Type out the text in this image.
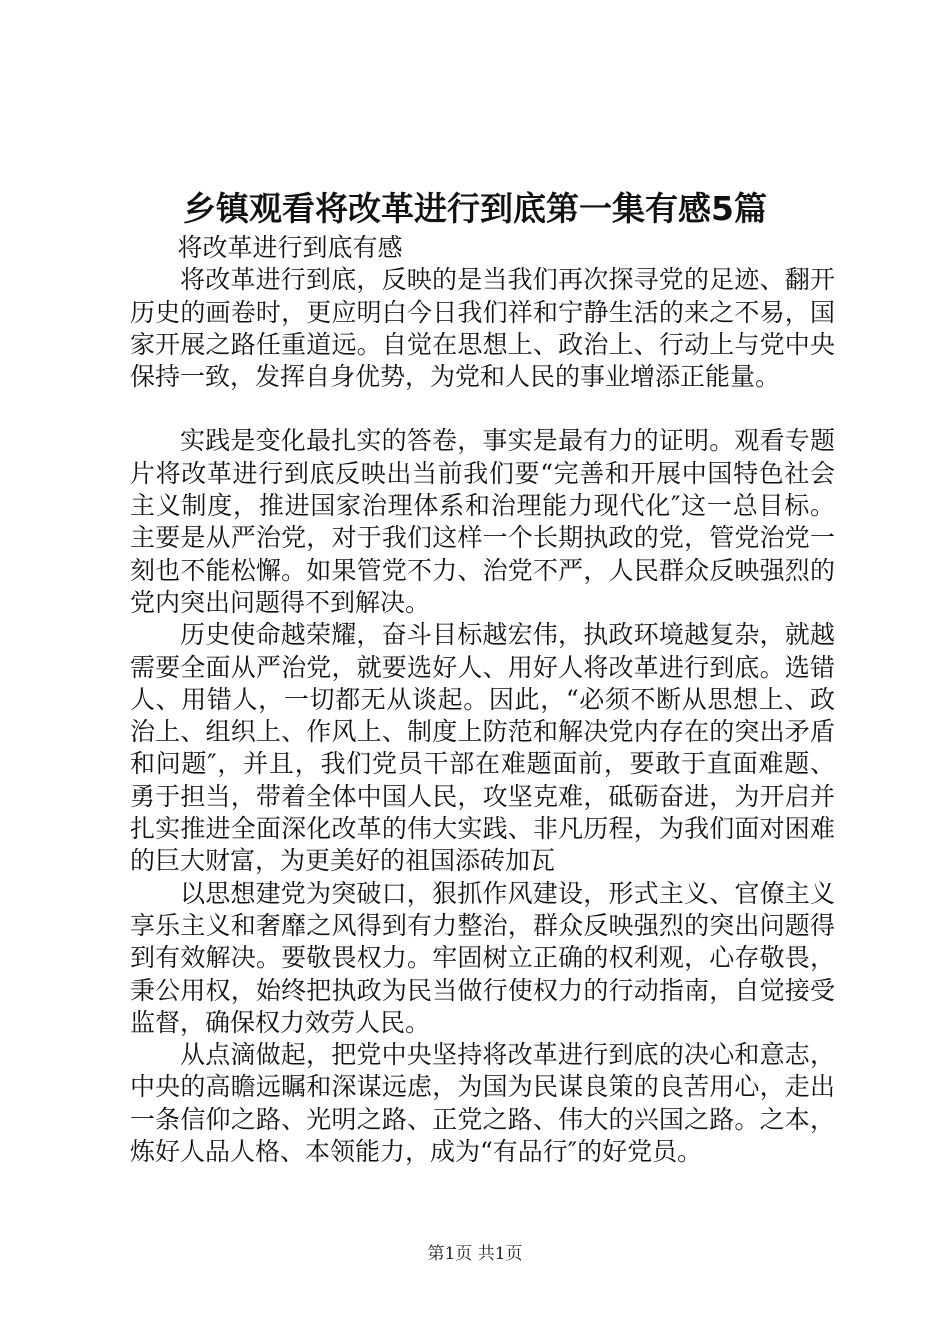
乡镇观看将改革进行到底第一集有感5篇

将改革进行到底有感

将改革进行到底，反映的是当我们再次探寻党的足迹、翻开历史的画卷时，更应明白今日我们祥和宁静生活的来之不易，国家开展之路任重道远。自觉在思想上、政治上、行动上与党中央保持一致，发挥自身优势，为党和人民的事业增添正能量。

实践是变化最扎实的答卷，事实是最有力的证明。观看专题片将改革进行到底反映出当前我们要“完善和开展中国特色社会主义制度，推进国家治理体系和治理能力现代化″这一总目标。主要是从严治党，对于我们这样一个长期执政的党，管党治党一刻也不能松懈。如果管党不力、治党不严，人民群众反映强烈的党内突出问题得不到解决。

历史使命越荣耀，奋斗目标越宏伟，执政环境越复杂，就越需要全面从严治党，就要选好人、用好人将改革进行到底。选错人、用错人，一切都无从谈起。因此，“必须不断从思想上、政治上、组织上、作风上、制度上防范和解决党内存在的突出矛盾和问题″，并且，我们党员干部在难题面前，要敢于直面难题、勇于担当，带着全体中国人民，攻坚克难，砥砺奋进，为开启并扎实推进全面深化改革的伟大实践、非凡历程，为我们面对困难的巨大财富，为更美好的祖国添砖加瓦

以思想建党为突破口，狠抓作风建设，形式主义、官僚主义享乐主义和奢靡之风得到有力整治，群众反映强烈的突出问题得到有效解决。要敬畏权力。牢固树立正确的权利观，心存敬畏，秉公用权，始终把执政为民当做行使权力的行动指南，自觉接受监督，确保权力效劳人民。

从点滴做起，把党中央坚持将改革进行到底的决心和意志，中央的高瞻远瞩和深谋远虑，为国为民谋良策的良苦用心，走出一条信仰之路、光明之路、正党之路、伟大的兴国之路。之本，炼好人品人格、本领能力，成为“有品行″的好党员。

第1页 共1页
